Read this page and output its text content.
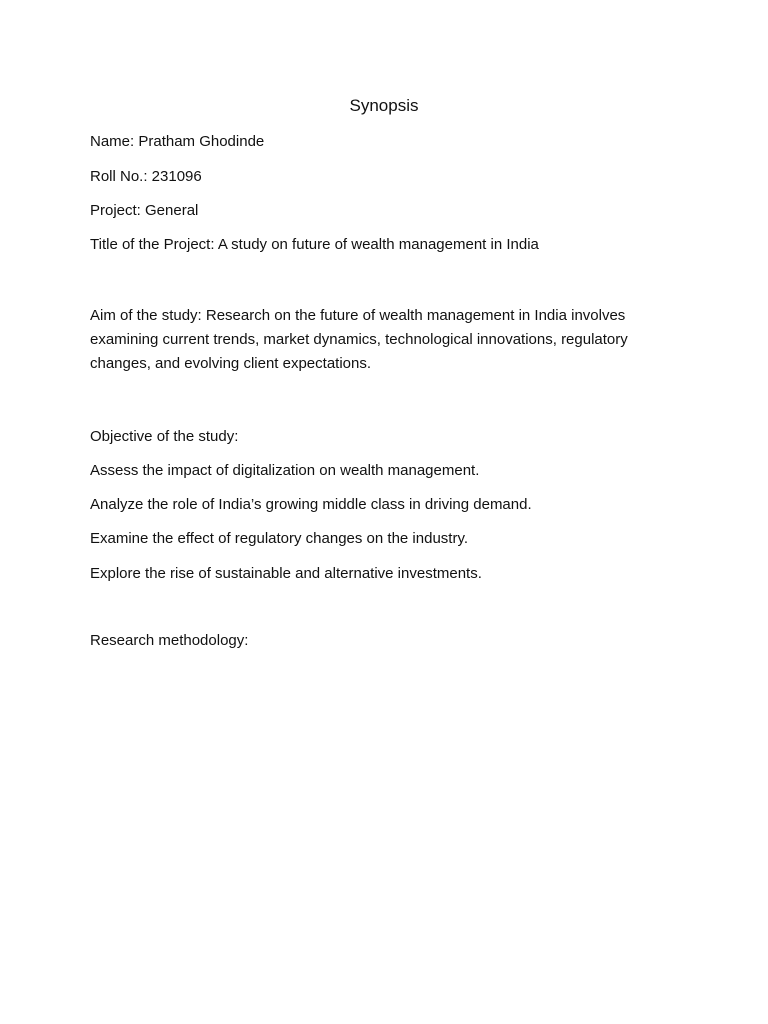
Synopsis
Name: Pratham Ghodinde
Roll No.: 231096
Project: General
Title of the Project: A study on future of wealth management in India
Aim of the study: Research on the future of wealth management in India involves
examining current trends, market dynamics, technological innovations, regulatory
changes, and evolving client expectations.
Objective of the study:
Assess the impact of digitalization on wealth management.
Analyze the role of India’s growing middle class in driving demand.
Examine the effect of regulatory changes on the industry.
Explore the rise of sustainable and alternative investments.
Research methodology:
